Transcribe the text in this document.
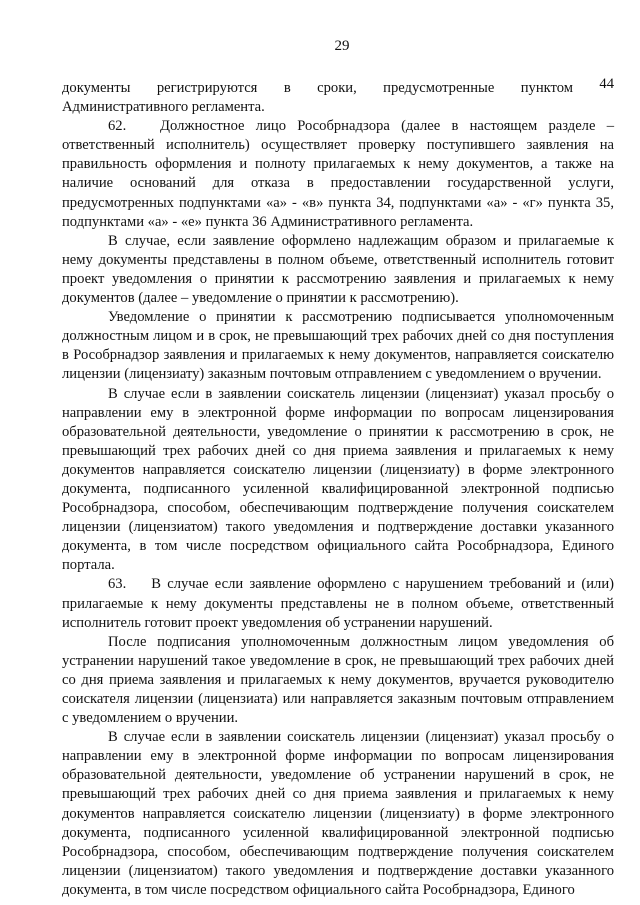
29
документы регистрируются в сроки, предусмотренные пунктом 44

Административного регламента.

62.   Должностное лицо Рособрнадзора (далее в настоящем разделе – ответственный исполнитель) осуществляет проверку поступившего заявления на правильность оформления и полноту прилагаемых к нему документов, а также на наличие оснований для отказа в предоставлении государственной услуги, предусмотренных подпунктами «а» - «в» пункта 34, подпунктами «а» - «г» пункта 35, подпунктами «а» - «е» пункта 36 Административного регламента.

В случае, если заявление оформлено надлежащим образом и прилагаемые к нему документы представлены в полном объеме, ответственный исполнитель готовит проект уведомления о принятии к рассмотрению заявления и прилагаемых к нему документов (далее – уведомление о принятии к рассмотрению).

Уведомление о принятии к рассмотрению подписывается уполномоченным должностным лицом и в срок, не превышающий трех рабочих дней со дня поступления в Рособрнадзор заявления и прилагаемых к нему документов, направляется соискателю лицензии (лицензиату) заказным почтовым отправлением с уведомлением о вручении.

В случае если в заявлении соискатель лицензии (лицензиат) указал просьбу о направлении ему в электронной форме информации по вопросам лицензирования образовательной деятельности, уведомление о принятии к рассмотрению в срок, не превышающий трех рабочих дней со дня приема заявления и прилагаемых к нему документов направляется соискателю лицензии (лицензиату) в форме электронного документа, подписанного усиленной квалифицированной электронной подписью Рособрнадзора, способом, обеспечивающим подтверждение получения соискателем лицензии (лицензиатом) такого уведомления и подтверждение доставки указанного документа, в том числе посредством официального сайта Рособрнадзора, Единого портала.

63.    В случае если заявление оформлено с нарушением требований и (или) прилагаемые к нему документы представлены не в полном объеме, ответственный исполнитель готовит проект уведомления об устранении нарушений.

После подписания уполномоченным должностным лицом уведомления об устранении нарушений такое уведомление в срок, не превышающий трех рабочих дней со дня приема заявления и прилагаемых к нему документов, вручается руководителю соискателя лицензии (лицензиата) или направляется заказным почтовым отправлением с уведомлением о вручении.

В случае если в заявлении соискатель лицензии (лицензиат) указал просьбу о направлении ему в электронной форме информации по вопросам лицензирования образовательной деятельности, уведомление об устранении нарушений в срок, не превышающий трех рабочих дней со дня приема заявления и прилагаемых к нему документов направляется соискателю лицензии (лицензиату) в форме электронного документа, подписанного усиленной квалифицированной электронной подписью Рособрнадзора, способом, обеспечивающим подтверждение получения соискателем лицензии (лицензиатом) такого уведомления и подтверждение доставки указанного документа, в том числе посредством официального сайта Рособрнадзора, Единого
